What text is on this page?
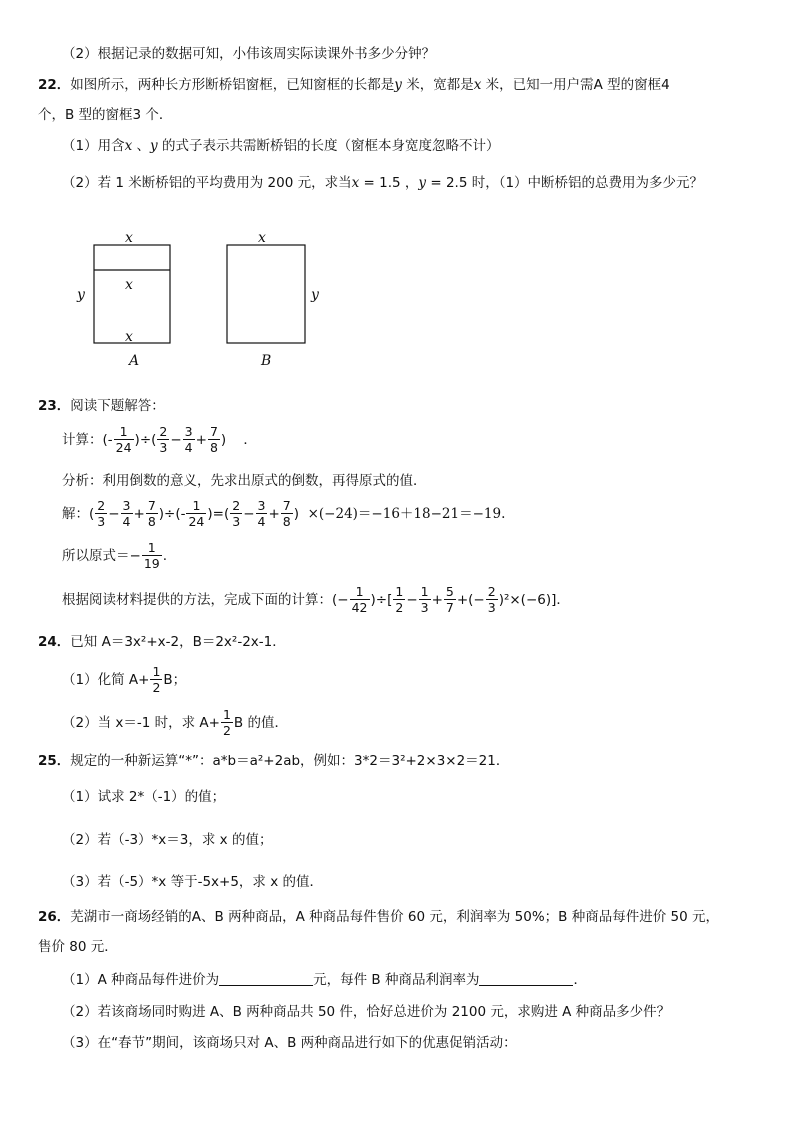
（2）根据记录的数据可知，小伟该周实际读课外书多少分钟？
22．如图所示，两种长方形断桥铝窗框，已知窗框的长都是y 米，宽都是x 米，已知一用户需A 型的窗框4
个，B 型的窗框3 个．
（1）用含x 、y 的式子表示共需断桥铝的长度（窗框本身宽度忽略不计）
（2）若 1 米断桥铝的平均费用为 200 元，求当x = 1.5 ，y = 2.5 时，（1）中断桥铝的总费用为多少元？
x
x
x
y
A
x
y
B
23．阅读下题解答：
计算： (- $\frac{1}{24}$ )÷( $\frac{2}{3} - \frac{3}{4} + \frac{7}{8}$ )    ．
分析：利用倒数的意义，先求出原式的倒数，再得原式的值．
解： ( $\frac{2}{3} - \frac{3}{4} + \frac{7}{8}$ )÷(- $\frac{1}{24}$ )=( $\frac{2}{3} - \frac{3}{4} + \frac{7}{8}$ ) ×(−24)＝−16＋18−21＝−19.
所以原式＝− $\frac{1}{19}$ .
根据阅读材料提供的方法，完成下面的计算： (− $\frac{1}{42}$ )÷[ $\frac{1}{2} - \frac{1}{3} + \frac{5}{7}$ +(− $\frac{2}{3} )^2\times(-6)$]．
24．已知 A＝3x²+x-2，B＝2x²-2x-1．
（1）化简 $A+ \frac{1}{2}$ B；
（2）当 x＝-1 时，求 $A+ \frac{1}{2}$ B 的值．
25．规定的一种新运算“*”：a*b＝a²+2ab，例如：3*2＝3²+2×3×2＝21．
（1）试求 2*（-1）的值；
（2）若（-3）*x＝3，求 x 的值；
（3）若（-5）*x 等于-5x+5，求 x 的值．
26．芜湖市一商场经销的A、B 两种商品，A 种商品每件售价 60 元，利润率为 50%；B 种商品每件进价 50 元，
售价 80 元．
（1）A 种商品每件进价为	元，每件 B 种商品利润率为	．
（2）若该商场同时购进 A、B 两种商品共 50 件，恰好总进价为 2100 元，求购进 A 种商品多少件？
（3）在“春节”期间，该商场只对 A、B 两种商品进行如下的优惠促销活动：
